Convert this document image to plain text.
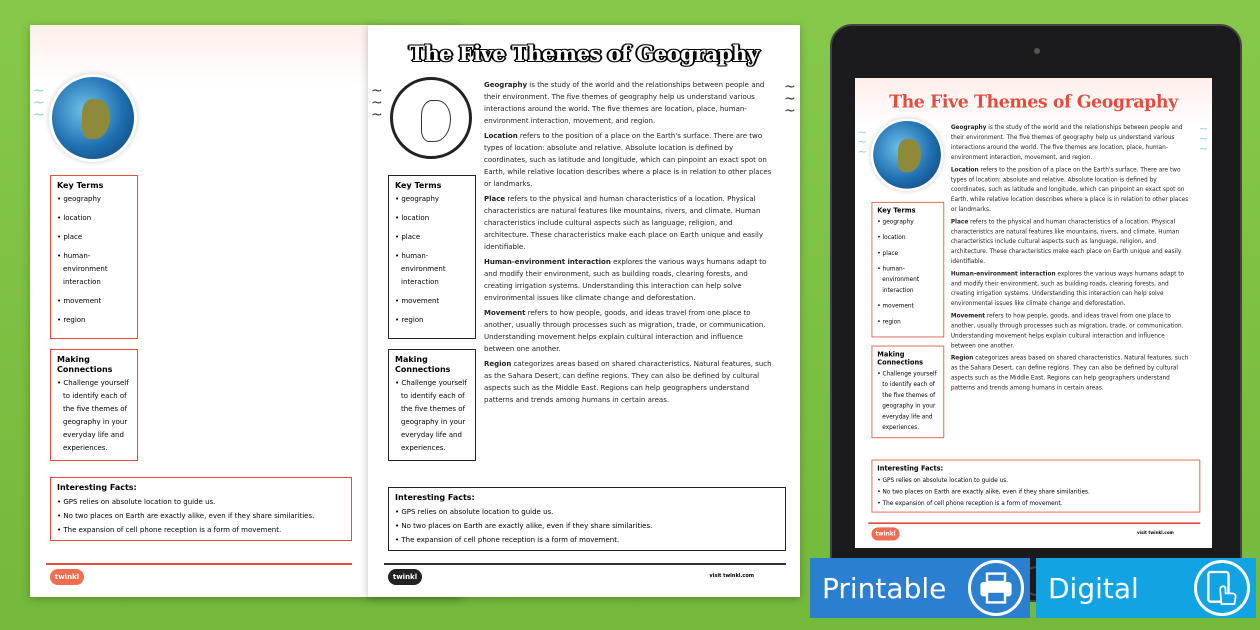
~
~
~
Key Terms
• geography
• location
• place
• human-environment interaction
• movement
• region
Making Connections
• Challenge yourself to identify each of the five themes of geography in your everyday life and experiences.
Interesting Facts:
• GPS relies on absolute location to guide us.
• No two places on Earth are exactly alike, even if they share similarities.
• The expansion of cell phone reception is a form of movement.
twinkl
~
~
~
~
~
~
The Five Themes of Geography
Key Terms
• geography
• location
• place
• human-environment interaction
• movement
• region
Making Connections
• Challenge yourself to identify each of the five themes of geography in your everyday life and experiences.

Geography is the study of the world and the relationships between people and their environment. The five themes of geography help us understand various interactions around the world. The five themes are location, place, human-environment interaction, movement, and region.

Location refers to the position of a place on the Earth's surface. There are two types of location: absolute and relative. Absolute location is defined by coordinates, such as latitude and longitude, which can pinpoint an exact spot on Earth, while relative location describes where a place is in relation to other places or landmarks.

Place refers to the physical and human characteristics of a location. Physical characteristics are natural features like mountains, rivers, and climate. Human characteristics include cultural aspects such as language, religion, and architecture. These characteristics make each place on Earth unique and easily identifiable.

Human-environment interaction explores the various ways humans adapt to and modify their environment, such as building roads, clearing forests, and creating irrigation systems. Understanding this interaction can help solve environmental issues like climate change and deforestation.

Movement refers to how people, goods, and ideas travel from one place to another, usually through processes such as migration, trade, or communication. Understanding movement helps explain cultural interaction and influence between one another.

Region categorizes areas based on shared characteristics. Natural features, such as the Sahara Desert, can define regions. They can also be defined by cultural aspects such as the Middle East. Regions can help geographers understand patterns and trends among humans in certain areas.

Interesting Facts:
• GPS relies on absolute location to guide us.
• No two places on Earth are exactly alike, even if they share similarities.
• The expansion of cell phone reception is a form of movement.
twinkl	visit twinkl.com
~
~
~
~
~
~
The Five Themes of Geography
Key Terms
• geography
• location
• place
• human-environment interaction
• movement
• region
Making Connections
• Challenge yourself to identify each of the five themes of geography in your everyday life and experiences.

Geography is the study of the world and the relationships between people and their environment. The five themes of geography help us understand various interactions around the world. The five themes are location, place, human-environment interaction, movement, and region.

Location refers to the position of a place on the Earth's surface. There are two types of location: absolute and relative. Absolute location is defined by coordinates, such as latitude and longitude, which can pinpoint an exact spot on Earth, while relative location describes where a place is in relation to other places or landmarks.

Place refers to the physical and human characteristics of a location. Physical characteristics are natural features like mountains, rivers, and climate. Human characteristics include cultural aspects such as language, religion, and architecture. These characteristics make each place on Earth unique and easily identifiable.

Human-environment interaction explores the various ways humans adapt to and modify their environment, such as building roads, clearing forests, and creating irrigation systems. Understanding this interaction can help solve environmental issues like climate change and deforestation.

Movement refers to how people, goods, and ideas travel from one place to another, usually through processes such as migration, trade, or communication. Understanding movement helps explain cultural interaction and influence between one another.

Region categorizes areas based on shared characteristics. Natural features, such as the Sahara Desert, can define regions. They can also be defined by cultural aspects such as the Middle East. Regions can help geographers understand patterns and trends among humans in certain areas.

Interesting Facts:
• GPS relies on absolute location to guide us.
• No two places on Earth are exactly alike, even if they share similarities.
• The expansion of cell phone reception is a form of movement.
twinkl	visit twinkl.com
Printable	Digital
